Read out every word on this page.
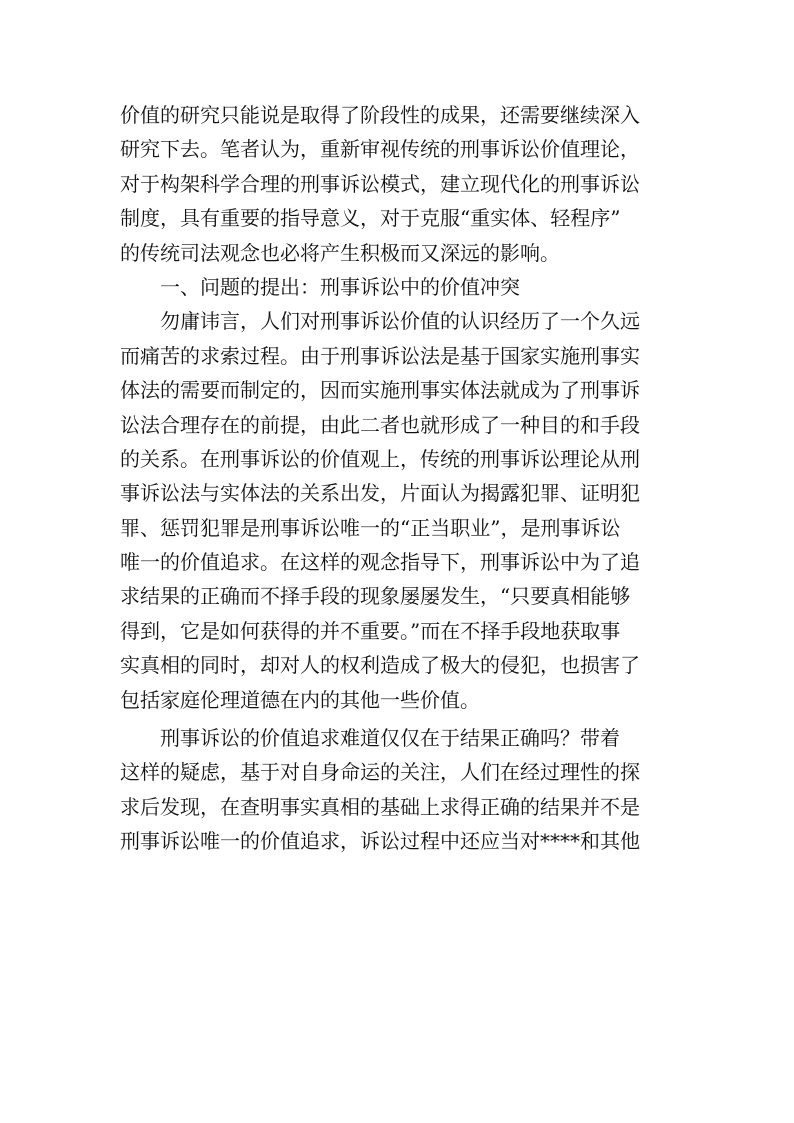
价值的研究只能说是取得了阶段性的成果，还需要继续深入
研究下去。笔者认为，重新审视传统的刑事诉讼价值理论，
对于构架科学合理的刑事诉讼模式，建立现代化的刑事诉讼
制度，具有重要的指导意义，对于克服“重实体、轻程序”
的传统司法观念也必将产生积极而又深远的影响。
一、问题的提出：刑事诉讼中的价值冲突
勿庸讳言，人们对刑事诉讼价值的认识经历了一个久远
而痛苦的求索过程。由于刑事诉讼法是基于国家实施刑事实
体法的需要而制定的，因而实施刑事实体法就成为了刑事诉
讼法合理存在的前提，由此二者也就形成了一种目的和手段
的关系。在刑事诉讼的价值观上，传统的刑事诉讼理论从刑
事诉讼法与实体法的关系出发，片面认为揭露犯罪、证明犯
罪、惩罚犯罪是刑事诉讼唯一的“正当职业”，是刑事诉讼
唯一的价值追求。在这样的观念指导下，刑事诉讼中为了追
求结果的正确而不择手段的现象屡屡发生，“只要真相能够
得到，它是如何获得的并不重要。”而在不择手段地获取事
实真相的同时，却对人的权利造成了极大的侵犯，也损害了
包括家庭伦理道德在内的其他一些价值。
刑事诉讼的价值追求难道仅仅在于结果正确吗？带着
这样的疑虑，基于对自身命运的关注，人们在经过理性的探
求后发现，在查明事实真相的基础上求得正确的结果并不是
刑事诉讼唯一的价值追求，诉讼过程中还应当对****和其他
